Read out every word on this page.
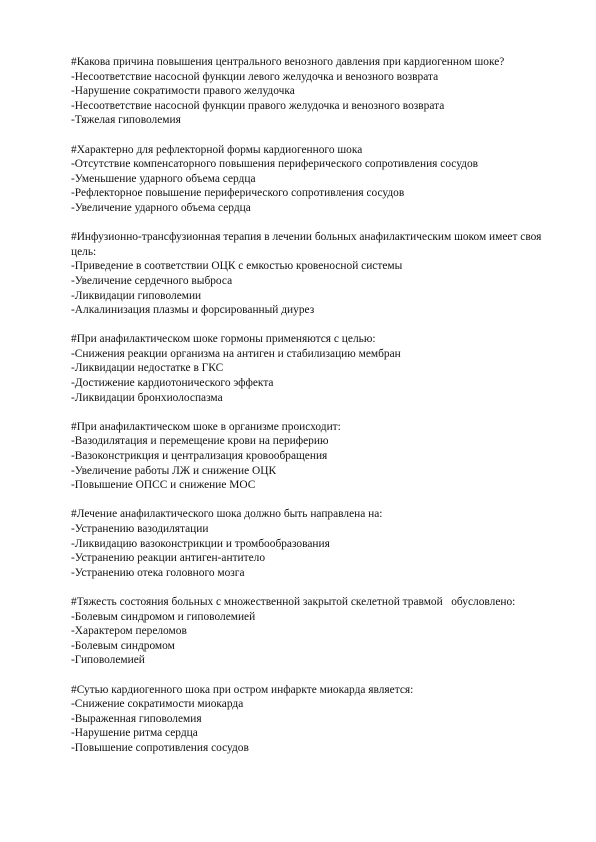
#Какова причина повышения центрального венозного давления при кардиогенном шоке?
-Несоответствие насосной функции левого желудочка и венозного возврата
-Нарушение сократимости правого желудочка
-Несоответствие насосной функции правого желудочка и венозного возврата
-Тяжелая гиповолемия
#Характерно для рефлекторной формы кардиогенного шока
-Отсутствие компенсаторного повышения периферического сопротивления сосудов
-Уменьшение ударного объема сердца
-Рефлекторное повышение периферического сопротивления сосудов
-Увеличение ударного объема сердца
#Инфузионно-трансфузионная терапия в лечении больных анафилактическим шоком имеет своя цель:
-Приведение в соответствии ОЦК с емкостью кровеносной системы
-Увеличение сердечного выброса
-Ликвидации гиповолемии
-Алкалинизация плазмы и форсированный диурез
#При анафилактическом шоке гормоны применяются с целью:
-Снижения реакции организма на антиген и стабилизацию мембран
-Ликвидации недостатке в ГКС
-Достижение кардиотонического эффекта
-Ликвидации бронхиолоспазма
#При анафилактическом шоке в организме происходит:
-Вазодилятация и перемещение крови на периферию
-Вазоконстрикция и централизация кровообращения
-Увеличение работы ЛЖ и снижение ОЦК
-Повышение ОПСС и снижение МОС
#Лечение анафилактического шока должно быть направлена на:
-Устранению вазодилятации
-Ликвидацию вазоконстрикции и тромбообразования
-Устранению реакции антиген-антитело
-Устранению отека головного мозга
#Тяжесть состояния больных с множественной закрытой скелетной травмой   обусловлено:
-Болевым синдромом и гиповолемией
-Характером переломов
-Болевым синдромом
-Гиповолемией
#Сутью кардиогенного шока при остром инфаркте миокарда является:
-Снижение сократимости миокарда
-Выраженная гиповолемия
-Нарушение ритма сердца
-Повышение сопротивления сосудов
